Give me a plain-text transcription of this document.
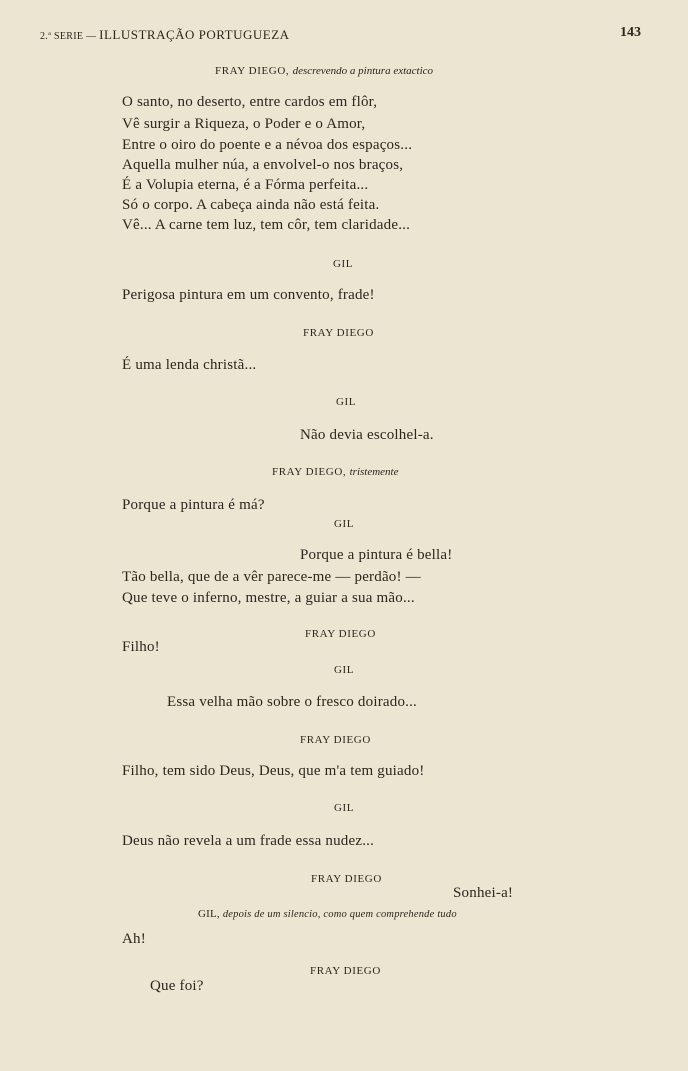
2.ª SERIE — ILLUSTRAÇÃO PORTUGUEZA	143
FRAY DIEGO, descrevendo a pintura extactico
O santo, no deserto, entre cardos em flôr,
Vê surgir a Riqueza, o Poder e o Amor,
Entre o oiro do poente e a névoa dos espaços...
Aquella mulher núa, a envolvel-o nos braços,
É a Volupia eterna, é a Fórma perfeita...
Só o corpo. A cabeça ainda não está feita.
Vê... A carne tem luz, tem côr, tem claridade...
GIL
Perigosa pintura em um convento, frade!
FRAY DIEGO
É uma lenda christã...
GIL
Não devia escolhel-a.
FRAY DIEGO, tristemente
Porque a pintura é má?
GIL
Porque a pintura é bella!
Tão bella, que de a vêr parece-me — perdão! —
Que teve o inferno, mestre, a guiar a sua mão...
FRAY DIEGO
Filho!
GIL
Essa velha mão sobre o fresco doirado...
FRAY DIEGO
Filho, tem sido Deus, Deus, que m'a tem guiado!
GIL
Deus não revela a um frade essa nudez...
FRAY DIEGO
Sonhei-a!
GIL, depois de um silencio, como quem comprehende tudo
Ah!
FRAY DIEGO
Que foi?
